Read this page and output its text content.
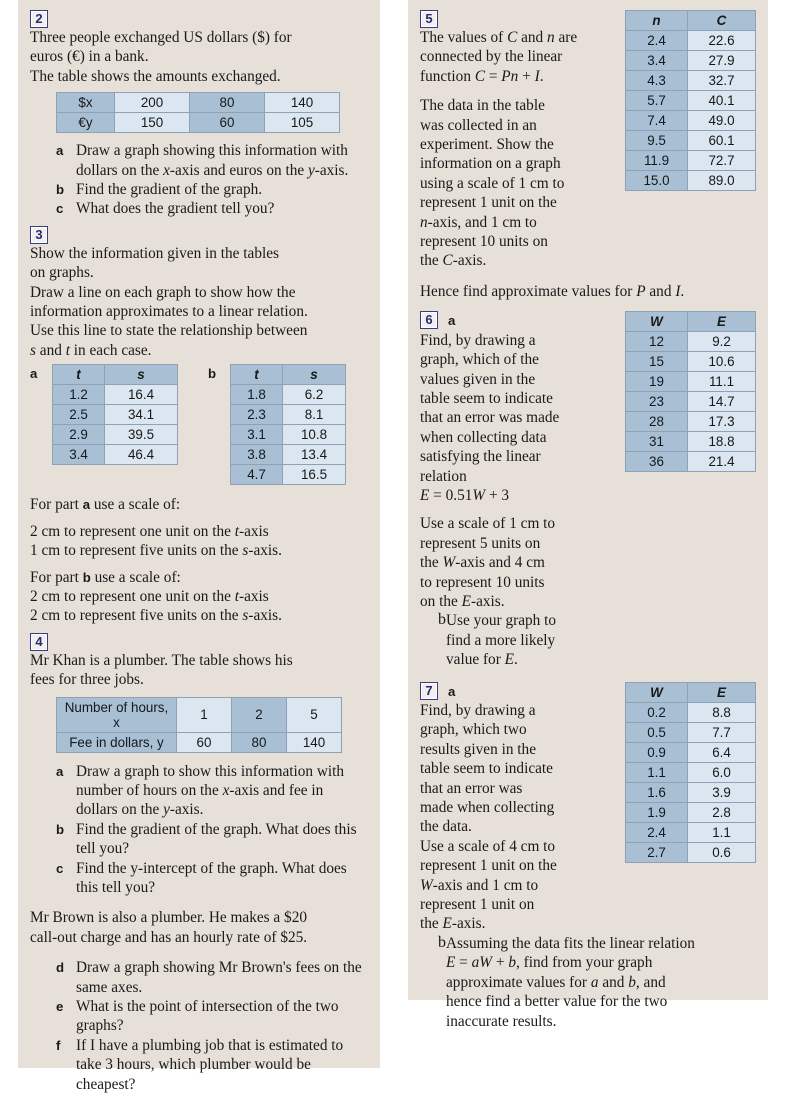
2

Three people exchanged US dollars ($) for

euros (€) in a bank.

The table shows the amounts exchanged.

$x	200	80	140
€y	150	60	105
a Draw a graph showing this information with dollars on the x-axis and euros on the y-axis.
b Find the gradient of the graph.
c What does the gradient tell you?
3

Show the information given in the tables

on graphs.

Draw a line on each graph to show how the

information approximates to a linear relation.

Use this line to state the relationship between

s and t in each case.

a	t	s
1.2	16.4
2.5	34.1
2.9	39.5
3.4	46.4
b	t	s
1.8	6.2
2.3	8.1
3.1	10.8
3.8	13.4
4.7	16.5

For part a use a scale of:

2 cm to represent one unit on the t-axis

1 cm to represent five units on the s-axis.

For part b use a scale of:

2 cm to represent one unit on the t-axis

2 cm to represent five units on the s-axis.

4

Mr Khan is a plumber. The table shows his

fees for three jobs.

Number of hours, x	1	2	5
Fee in dollars, y	60	80	140
a Draw a graph to show this information with number of hours on the x-axis and fee in dollars on the y-axis.
b Find the gradient of the graph. What does this tell you?
c Find the y-intercept of the graph. What does this tell you?

Mr Brown is also a plumber. He makes a $20

call-out charge and has an hourly rate of $25.

d Draw a graph showing Mr Brown's fees on the same axes.
e What is the point of intersection of the two graphs?
f	If I have a plumbing job that is estimated to take 3 hours, which plumber would be cheapest?
n	C
2.4	22.6
3.4	27.9
4.3	32.7
5.7	40.1
7.4	49.0
9.5	60.1
11.9	72.7
15.0	89.0
5

The values of C and n are

connected by the linear

function C = Pn + I.

The data in the table

was collected in an

experiment. Show the

information on a graph

using a scale of 1 cm to

represent 1 unit on the

n-axis, and 1 cm to

represent 10 units on

the C-axis.

Hence find approximate values for P and I.

W	E
12	9.2
15	10.6
19	11.1
23	14.7
28	17.3
31	18.8
36	21.4
6 a

Find, by drawing a

graph, which of the

values given in the

table seem to indicate

that an error was made

when collecting data

satisfying the linear

relation

E = 0.51W + 3

Use a scale of 1 cm to

represent 5 units on

the W-axis and 4 cm

to represent 10 units

on the E-axis.

b Use your graph to

find a more likely

value for E.

W	E
0.2	8.8
0.5	7.7
0.9	6.4
1.1	6.0
1.6	3.9
1.9	2.8
2.4	1.1
2.7	0.6
7 a

Find, by drawing a

graph, which two

results given in the

table seem to indicate

that an error was

made when collecting

the data.

Use a scale of 4 cm to

represent 1 unit on the

W-axis and 1 cm to

represent 1 unit on

the E-axis.

b Assuming the data fits the linear relation

E = aW + b, find from your graph

approximate values for a and b, and

hence find a better value for the two

inaccurate results.
